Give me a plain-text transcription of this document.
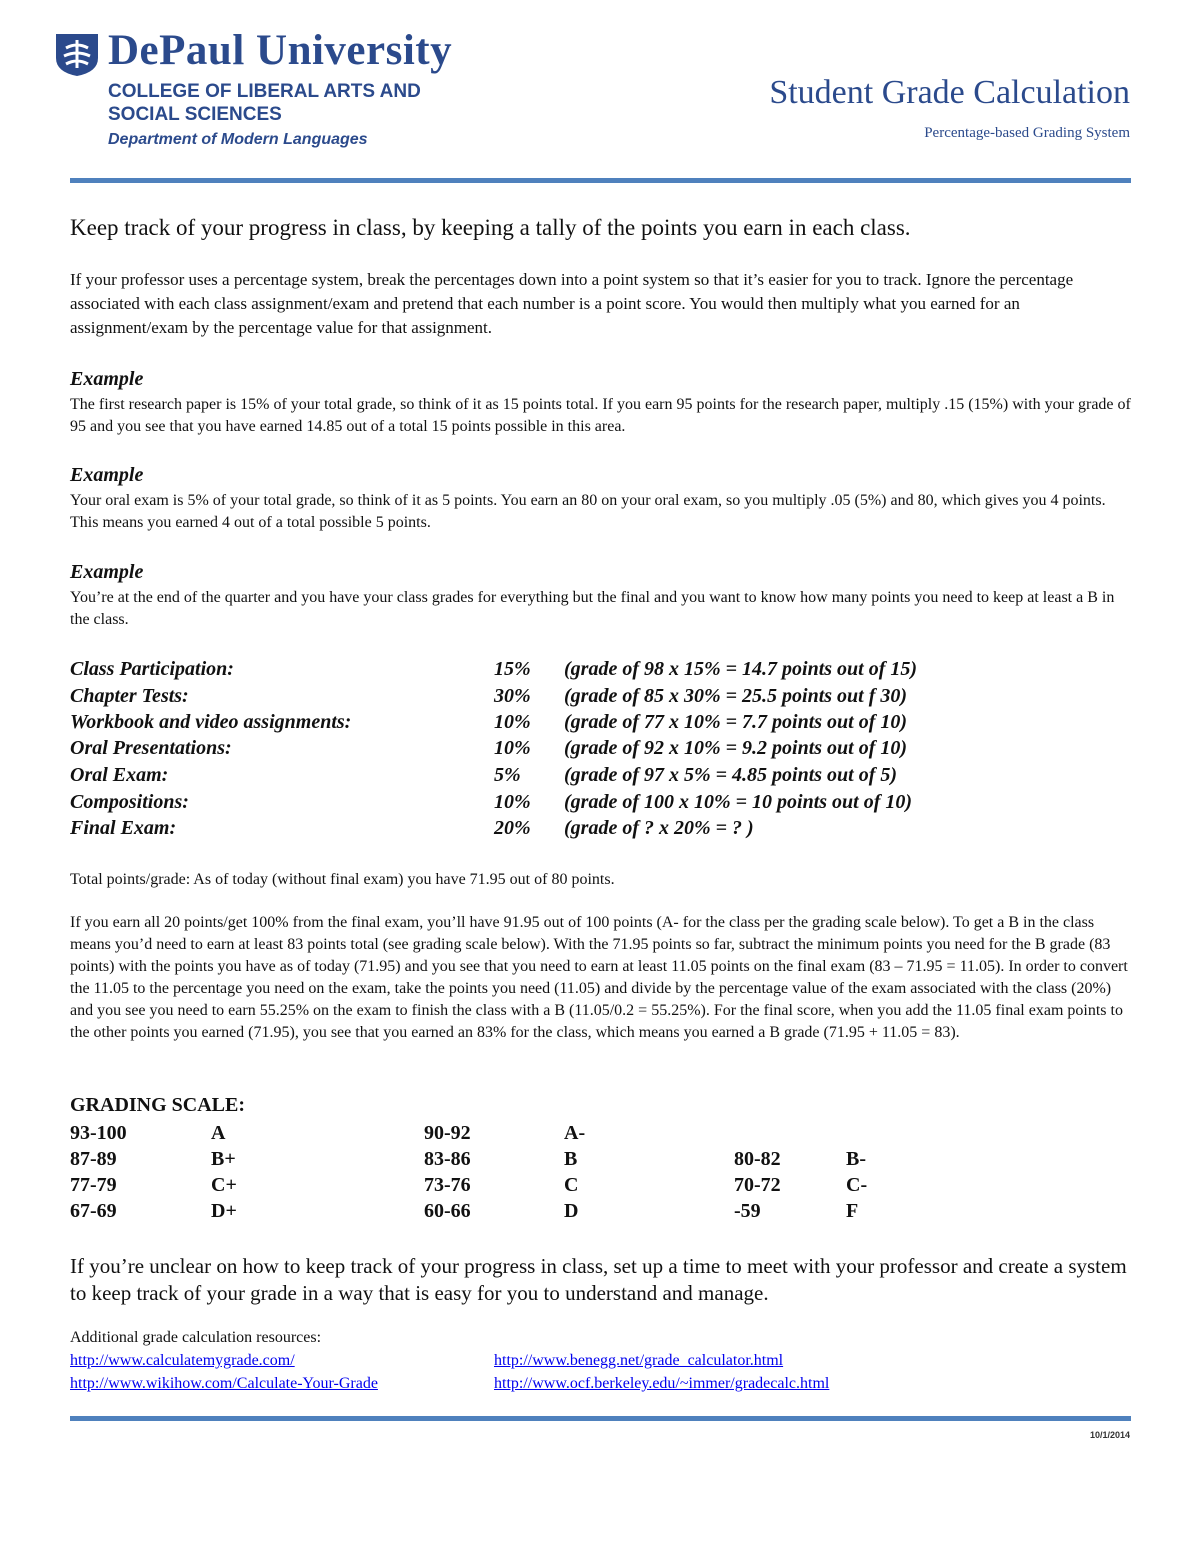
DePaul University
COLLEGE OF LIBERAL ARTS AND
SOCIAL SCIENCES
Department of Modern Languages
Student Grade Calculation
Percentage-based Grading System
Keep track of your progress in class, by keeping a tally of the points you earn in each class.
If your professor uses a percentage system, break the percentages down into a point system so that it’s easier for you to track. Ignore the percentage associated with each class assignment/exam and pretend that each number is a point score. You would then multiply what you earned for an assignment/exam by the percentage value for that assignment.
Example
The first research paper is 15% of your total grade, so think of it as 15 points total. If you earn 95 points for the research paper, multiply .15 (15%) with your grade of 95 and you see that you have earned 14.85 out of a total 15 points possible in this area.
Example
Your oral exam is 5% of your total grade, so think of it as 5 points. You earn an 80 on your oral exam, so you multiply .05 (5%) and 80, which gives you 4 points. This means you earned 4 out of a total possible 5 points.
Example
You’re at the end of the quarter and you have your class grades for everything but the final and you want to know how many points you need to keep at least a B in the class.
Class Participation:	15% (grade of 98 x 15% = 14.7 points out of 15)
Chapter Tests:	30% (grade of 85 x 30% = 25.5 points out f 30)
Workbook and video assignments:	10% (grade of 77 x 10% = 7.7 points out of 10)
Oral Presentations:	10% (grade of 92 x 10% = 9.2 points out of 10)
Oral Exam:	5% (grade of 97 x 5% = 4.85 points out of 5)
Compositions:	10% (grade of 100 x 10% = 10 points out of 10)
Final Exam:	20% (grade of ? x 20% = ? )
Total points/grade: As of today (without final exam) you have 71.95 out of 80 points.
If you earn all 20 points/get 100% from the final exam, you’ll have 91.95 out of 100 points (A- for the class per the grading scale below). To get a B in the class means you’d need to earn at least 83 points total (see grading scale below). With the 71.95 points so far, subtract the minimum points you need for the B grade (83 points) with the points you have as of today (71.95) and you see that you need to earn at least 11.05 points on the final exam (83 – 71.95 = 11.05). In order to convert the 11.05 to the percentage you need on the exam, take the points you need (11.05) and divide by the percentage value of the exam associated with the class (20%) and you see you need to earn 55.25% on the exam to finish the class with a B (11.05/0.2 = 55.25%). For the final score, when you add the 11.05 final exam points to the other points you earned (71.95), you see that you earned an 83% for the class, which means you earned a B grade (71.95 + 11.05 = 83).
GRADING SCALE:
93-100	A	90-92	A-
87-89	B+	83-86	B	80-82	B-
77-79	C+	73-76	C	70-72	C-
67-69	D+	60-66	D	-59	F
If you’re unclear on how to keep track of your progress in class, set up a time to meet with your professor and create a system to keep track of your grade in a way that is easy for you to understand and manage.
Additional grade calculation resources:
http://www.calculatemygrade.com/	http://www.benegg.net/grade_calculator.html
http://www.wikihow.com/Calculate-Your-Grade	http://www.ocf.berkeley.edu/~immer/gradecalc.html
10/1/2014
